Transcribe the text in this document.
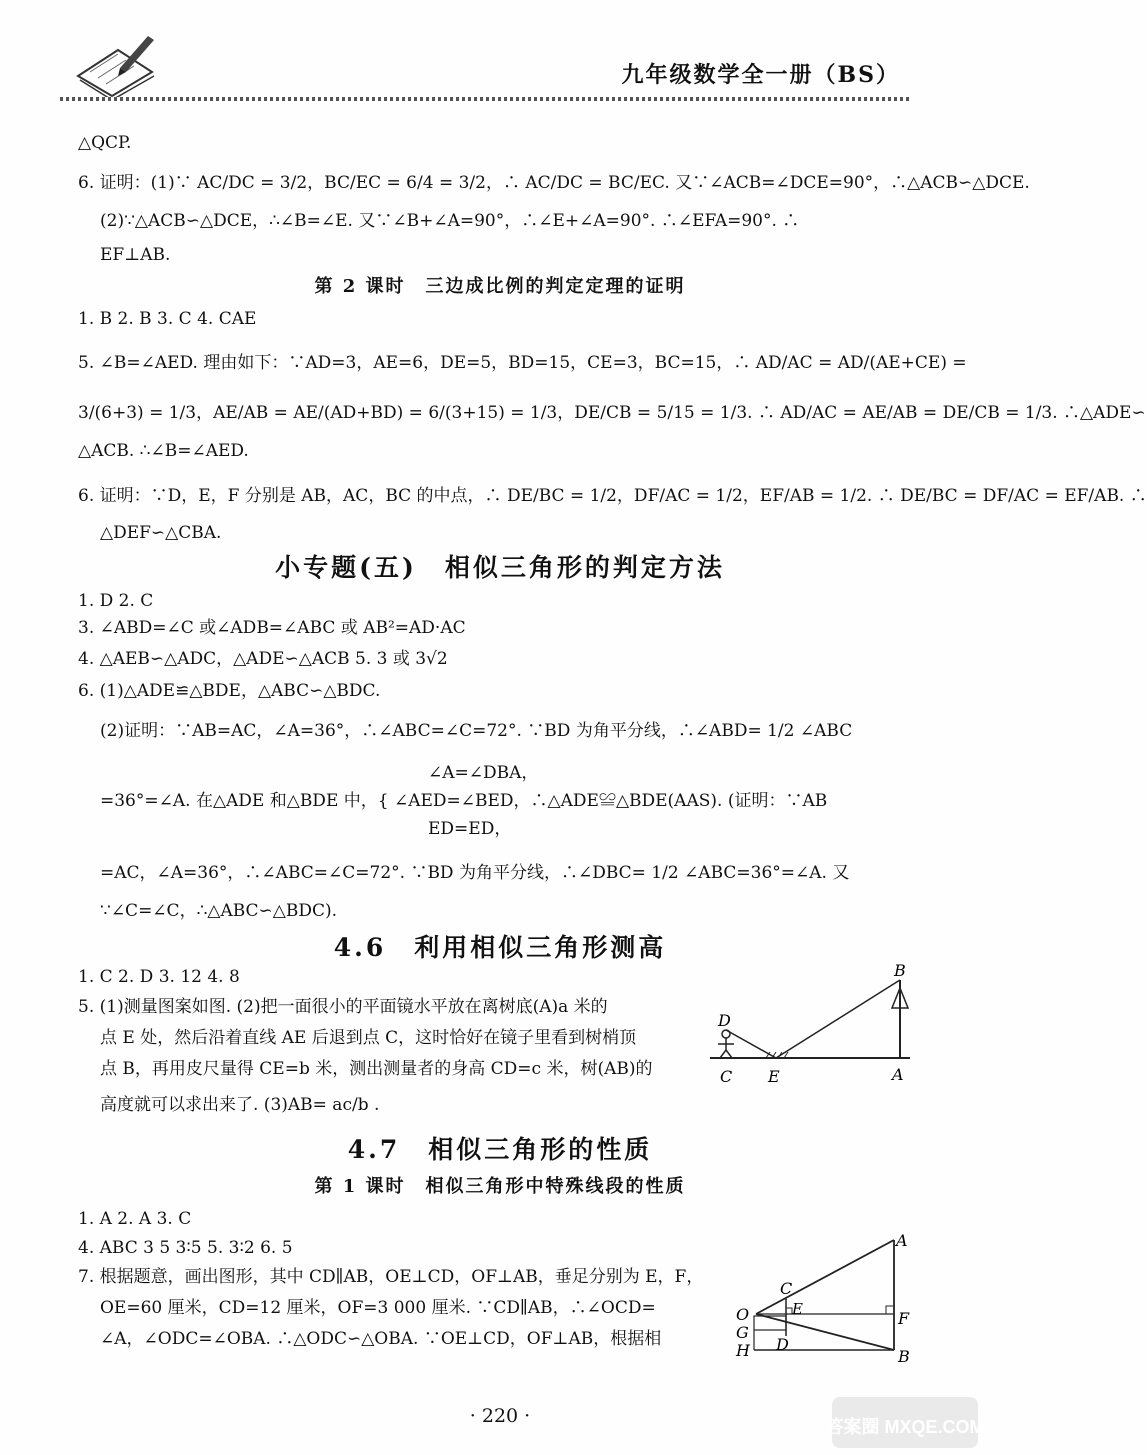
九年级数学全一册（BS）
△QCP.
6. 证明：(1)∵ AC/DC = 3/2，BC/EC = 6/4 = 3/2，∴ AC/DC = BC/EC. 又∵∠ACB=∠DCE=90°，∴△ACB∽△DCE.
(2)∵△ACB∽△DCE，∴∠B=∠E. 又∵∠B+∠A=90°，∴∠E+∠A=90°. ∴∠EFA=90°. ∴
EF⊥AB.
第 2 课时　三边成比例的判定定理的证明
1. B 2. B 3. C 4. CAE
5. ∠B=∠AED. 理由如下：∵AD=3，AE=6，DE=5，BD=15，CE=3，BC=15，∴ AD/AC = AD/(AE+CE) =
3/(6+3) = 1/3，AE/AB = AE/(AD+BD) = 6/(3+15) = 1/3，DE/CB = 5/15 = 1/3. ∴ AD/AC = AE/AB = DE/CB = 1/3. ∴△ADE∽
△ACB. ∴∠B=∠AED.
6. 证明：∵D，E，F 分别是 AB，AC，BC 的中点，∴ DE/BC = 1/2，DF/AC = 1/2，EF/AB = 1/2. ∴ DE/BC = DF/AC = EF/AB. ∴
△DEF∽△CBA.
小专题(五)　相似三角形的判定方法
1. D 2. C
3. ∠ABD=∠C 或∠ADB=∠ABC 或 AB²=AD·AC
4. △AEB∽△ADC，△ADE∽△ACB 5. 3 或 3√2
6. (1)△ADE≌△BDE，△ABC∽△BDC.
(2)证明：∵AB=AC，∠A=36°，∴∠ABC=∠C=72°. ∵BD 为角平分线，∴∠ABD= 1/2 ∠ABC
∠A=∠DBA，
=36°=∠A. 在△ADE 和△BDE 中，{ ∠AED=∠BED，∴△ADE≌△BDE(AAS). (证明：∵AB
ED=ED，
=AC，∠A=36°，∴∠ABC=∠C=72°. ∵BD 为角平分线，∴∠DBC= 1/2 ∠ABC=36°=∠A. 又
∵∠C=∠C，∴△ABC∽△BDC).
4.6　利用相似三角形测高
1. C 2. D 3. 12 4. 8
5. (1)测量图案如图. (2)把一面很小的平面镜水平放在离树底(A)a 米的
点 E 处，然后沿着直线 AE 后退到点 C，这时恰好在镜子里看到树梢顶
点 B，再用皮尺量得 CE=b 米，测出测量者的身高 CD=c 米，树(AB)的
高度就可以求出来了. (3)AB= ac/b .
B
D
C E	A
4.7　相似三角形的性质
第 1 课时　相似三角形中特殊线段的性质
1. A 2. A 3. C
4. ABC 3 5 3∶5 5. 3∶2 6. 5
7. 根据题意，画出图形，其中 CD∥AB，OE⊥CD，OF⊥AB，垂足分别为 E，F，
OE=60 厘米，CD=12 厘米，OF=3 000 厘米. ∵CD∥AB，∴∠OCD=
∠A，∠ODC=∠OBA. ∴△ODC∽△OBA. ∵OE⊥CD，OF⊥AB，根据相
A
C
E
O
G
H D
F
B
· 220 ·	答案圈 MXQE.COM
